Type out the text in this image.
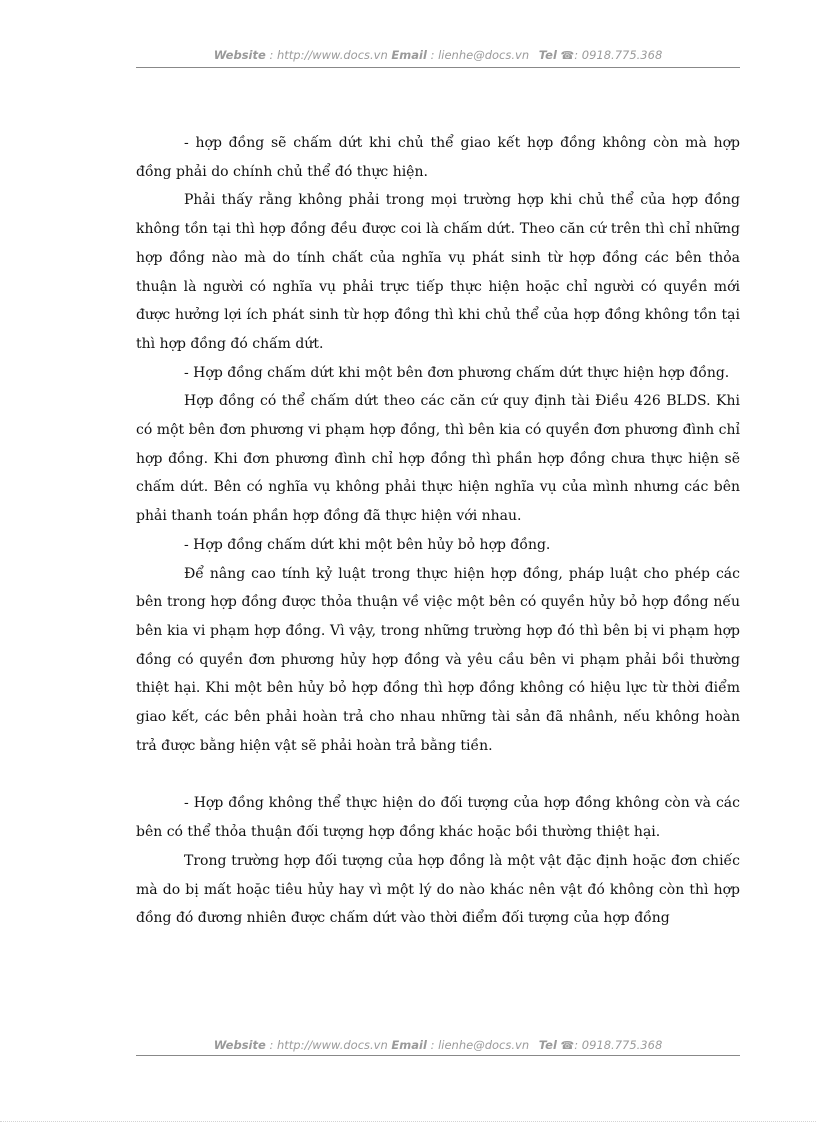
Website : http://www.docs.vn Email : lienhe@docs.vn Tel ☎: 0918.775.368

- hợp đồng sẽ chấm dứt khi chủ thể giao kết hợp đồng không còn mà hợp đồng phải do chính chủ thể đó thực hiện.

Phải thấy rằng không phải trong mọi trường hợp khi chủ thể của hợp đồng không tồn tại thì hợp đồng đều được coi là chấm dứt. Theo căn cứ trên thì chỉ những hợp đồng nào mà do tính chất của nghĩa vụ phát sinh từ hợp đồng các bên thỏa thuận là người có nghĩa vụ phải trực tiếp thực hiện hoặc chỉ người có quyền mới được hưởng lợi ích phát sinh từ hợp đồng thì khi chủ thể của hợp đồng không tồn tại thì hợp đồng đó chấm dứt.

- Hợp đồng chấm dứt khi một bên đơn phương chấm dứt thực hiện hợp đồng.

Hợp đồng có thể chấm dứt theo các căn cứ quy định tài Điều 426 BLDS. Khi có một bên đơn phương vi phạm hợp đồng, thì bên kia có quyền đơn phương đình chỉ hợp đồng. Khi đơn phương đình chỉ hợp đồng thì phần hợp đồng chưa thực hiện sẽ chấm dứt. Bên có nghĩa vụ không phải thực hiện nghĩa vụ của mình nhưng các bên phải thanh toán phần hợp đồng đã thực hiện với nhau.

- Hợp đồng chấm dứt khi một bên hủy bỏ hợp đồng.

Để nâng cao tính kỷ luật trong thực hiện hợp đồng, pháp luật cho phép các bên trong hợp đồng được thỏa thuận về việc một bên có quyền hủy bỏ hợp đồng nếu bên kia vi phạm hợp đồng. Vì vậy, trong những trường hợp đó thì bên bị vi phạm hợp đồng có quyền đơn phương hủy hợp đồng và yêu cầu bên vi phạm phải bồi thường thiệt hại. Khi một bên hủy bỏ hợp đồng thì hợp đồng không có hiệu lực từ thời điểm giao kết, các bên phải hoàn trả cho nhau những tài sản đã nhânh, nếu không hoàn trả được bằng hiện vật sẽ phải hoàn trả bằng tiền.

- Hợp đồng không thể thực hiện do đối tượng của hợp đồng không còn và các bên có thể thỏa thuận đối tượng hợp đồng khác hoặc bồi thường thiệt hại.

Trong trường hợp đối tượng của hợp đồng là một vật đặc định hoặc đơn chiếc mà do bị mất hoặc tiêu hủy hay vì một lý do nào khác nên vật đó không còn thì hợp đồng đó đương nhiên được chấm dứt vào thời điểm đối tượng của hợp đồng

Website : http://www.docs.vn Email : lienhe@docs.vn Tel ☎: 0918.775.368
